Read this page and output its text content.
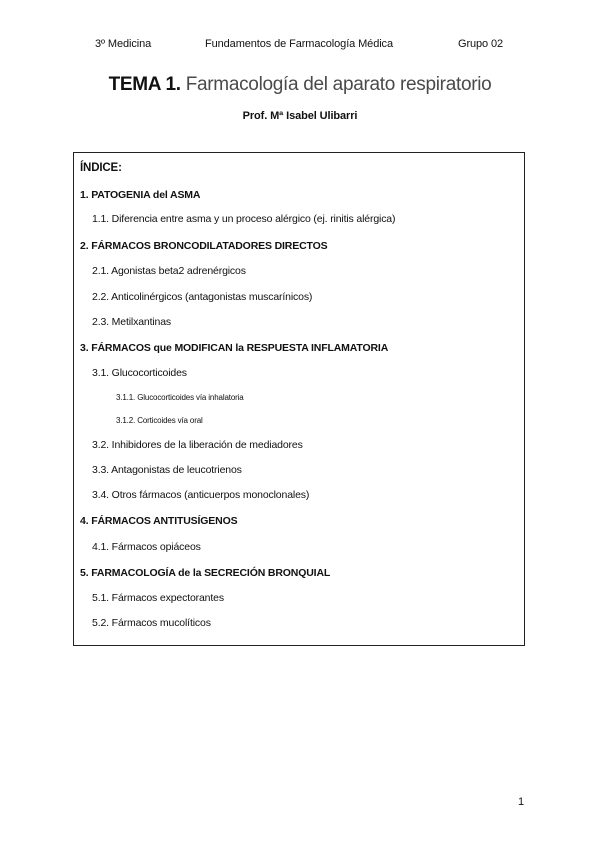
3º Medicina	Fundamentos de Farmacología Médica	Grupo 02
TEMA 1. Farmacología del aparato respiratorio
Prof. Mª Isabel Ulibarri
ÍNDICE:
1. PATOGENIA del ASMA
1.1. Diferencia entre asma y un proceso alérgico (ej. rinitis alérgica)
2. FÁRMACOS BRONCODILATADORES DIRECTOS
2.1. Agonistas beta2 adrenérgicos
2.2. Anticolinérgicos (antagonistas muscarínicos)
2.3. Metilxantinas
3. FÁRMACOS que MODIFICAN la RESPUESTA INFLAMATORIA
3.1. Glucocorticoides
3.1.1. Glucocorticoides vía inhalatoria
3.1.2. Corticoides vía oral
3.2. Inhibidores de la liberación de mediadores
3.3. Antagonistas de leucotrienos
3.4. Otros fármacos (anticuerpos monoclonales)
4. FÁRMACOS ANTITUSÍGENOS
4.1. Fármacos opiáceos
5. FARMACOLOGÍA de la SECRECIÓN BRONQUIAL
5.1. Fármacos expectorantes
5.2. Fármacos mucolíticos
1
